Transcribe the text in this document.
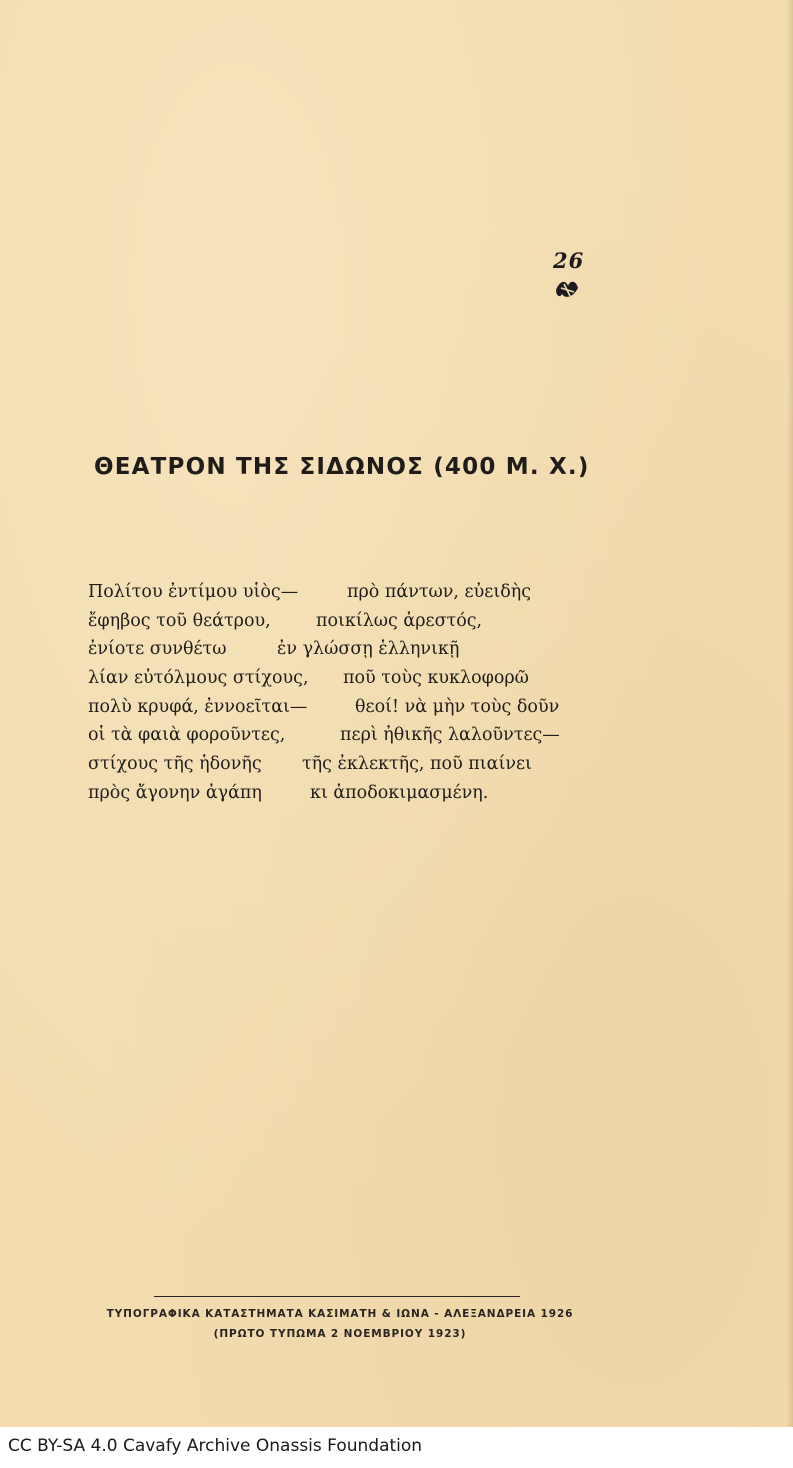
26
ΘΕΑΤΡΟΝ ΤΗΣ ΣΙΔΩΝΟΣ (400 Μ. Χ.)
Πολίτου ἐντίμου υἱὸς—	πρὸ πάντων, εὐειδὴς
ἔφηβος τοῦ θεάτρου,	ποικίλως ἀρεστός,
ἐνίοτε συνθέτω	ἐν γλώσσῃ ἑλληνικῇ
λίαν εὐτόλμους στίχους, ποῦ τοὺς κυκλοφορῶ
πολὺ κρυφά, ἐννοεῖται—	θεοί! νὰ μὴν τοὺς δοῦν
οἱ τὰ φαιὰ φοροῦντες,	περὶ ἠθικῆς λαλοῦντες—
στίχους τῆς ἡδονῆς τῆς ἐκλεκτῆς, ποῦ πιαίνει
πρὸς ἄγονην ἀγάπη	κι ἀποδοκιμασμένη.
ΤΥΠΟΓΡΑΦΙΚΑ ΚΑΤΑΣΤΗΜΑΤΑ ΚΑΣΙΜΑΤΗ & ΙΩΝΑ - ΑΛΕΞΑΝΔΡΕΙΑ 1926
(ΠΡΩΤΟ ΤΥΠΩΜΑ 2 ΝΟΕΜΒΡΙΟΥ 1923)
CC BY-SA 4.0 Cavafy Archive Onassis Foundation
